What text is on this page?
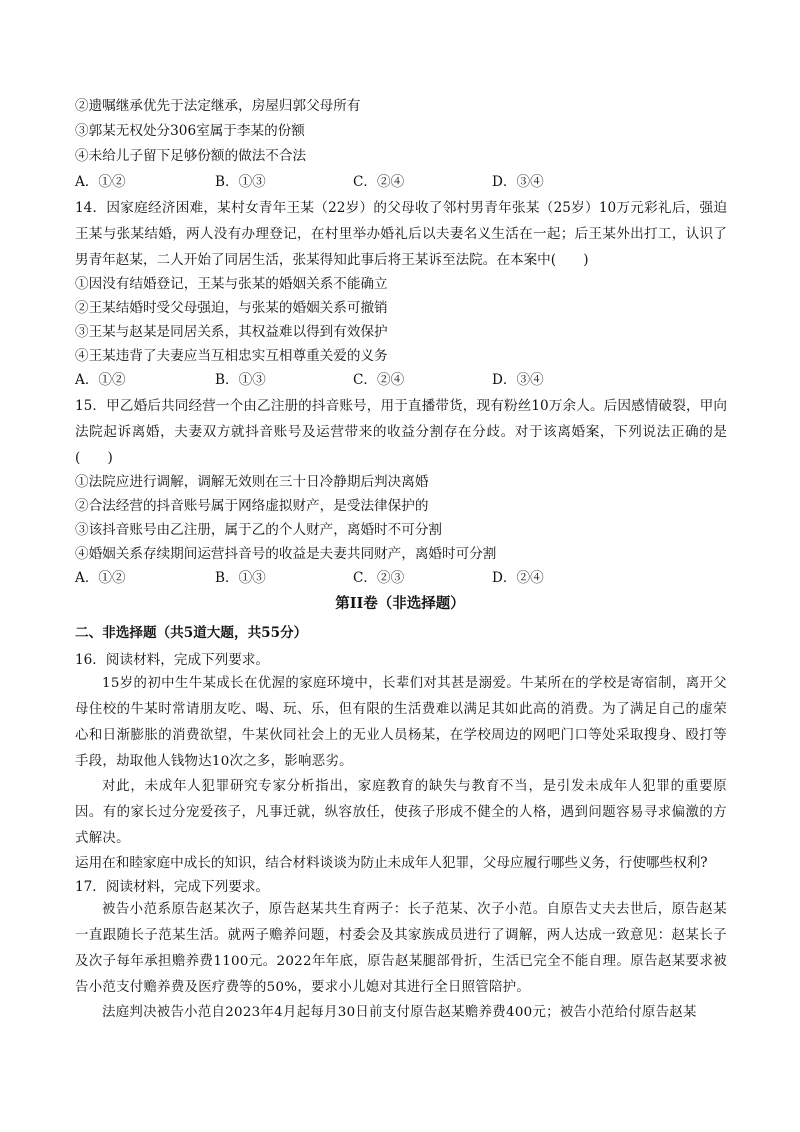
②遗嘱继承优先于法定继承，房屋归郭父母所有
③郭某无权处分306室属于李某的份额
④未给儿子留下足够份额的做法不合法
A．①②	B．①③	C．②④	D．③④
14．因家庭经济困难，某村女青年王某（22岁）的父母收了邻村男青年张某（25岁）10万元彩礼后，强迫王某与张某结婚，两人没有办理登记，在村里举办婚礼后以夫妻名义生活在一起；后王某外出打工，认识了男青年赵某，二人开始了同居生活，张某得知此事后将王某诉至法院。在本案中(　　)
①因没有结婚登记，王某与张某的婚姻关系不能确立
②王某结婚时受父母强迫，与张某的婚姻关系可撤销
③王某与赵某是同居关系，其权益难以得到有效保护
④王某违背了夫妻应当互相忠实互相尊重关爱的义务
A．①②	B．①③	C．②④	D．③④
15．甲乙婚后共同经营一个由乙注册的抖音账号，用于直播带货，现有粉丝10万余人。后因感情破裂，甲向法院起诉离婚，夫妻双方就抖音账号及运营带来的收益分割存在分歧。对于该离婚案，下列说法正确的是(　　)
①法院应进行调解，调解无效则在三十日冷静期后判决离婚
②合法经营的抖音账号属于网络虚拟财产，是受法律保护的
③该抖音账号由乙注册，属于乙的个人财产，离婚时不可分割
④婚姻关系存续期间运营抖音号的收益是夫妻共同财产，离婚时可分割
A．①②	B．①③	C．②③	D．②④
第II卷（非选择题）
二、非选择题（共5道大题，共55分）
16．阅读材料，完成下列要求。
15岁的初中生牛某成长在优渥的家庭环境中，长辈们对其甚是溺爱。牛某所在的学校是寄宿制，离开父母住校的牛某时常请朋友吃、喝、玩、乐，但有限的生活费难以满足其如此高的消费。为了满足自己的虚荣心和日渐膨胀的消费欲望，牛某伙同社会上的无业人员杨某，在学校周边的网吧门口等处采取搜身、殴打等手段，劫取他人钱物达10次之多，影响恶劣。
对此，未成年人犯罪研究专家分析指出，家庭教育的缺失与教育不当，是引发未成年人犯罪的重要原因。有的家长过分宠爱孩子，凡事迁就，纵容放任，使孩子形成不健全的人格，遇到问题容易寻求偏激的方式解决。
运用在和睦家庭中成长的知识，结合材料谈谈为防止未成年人犯罪，父母应履行哪些义务，行使哪些权利?
17．阅读材料，完成下列要求。
被告小范系原告赵某次子，原告赵某共生育两子：长子范某、次子小范。自原告丈夫去世后，原告赵某一直跟随长子范某生活。就两子赡养问题，村委会及其家族成员进行了调解，两人达成一致意见：赵某长子及次子每年承担赡养费1100元。2022年年底，原告赵某腿部骨折，生活已完全不能自理。原告赵某要求被告小范支付赡养费及医疗费等的50%，要求小儿媳对其进行全日照管陪护。
法庭判决被告小范自2023年4月起每月30日前支付原告赵某赡养费400元；被告小范给付原告赵某
